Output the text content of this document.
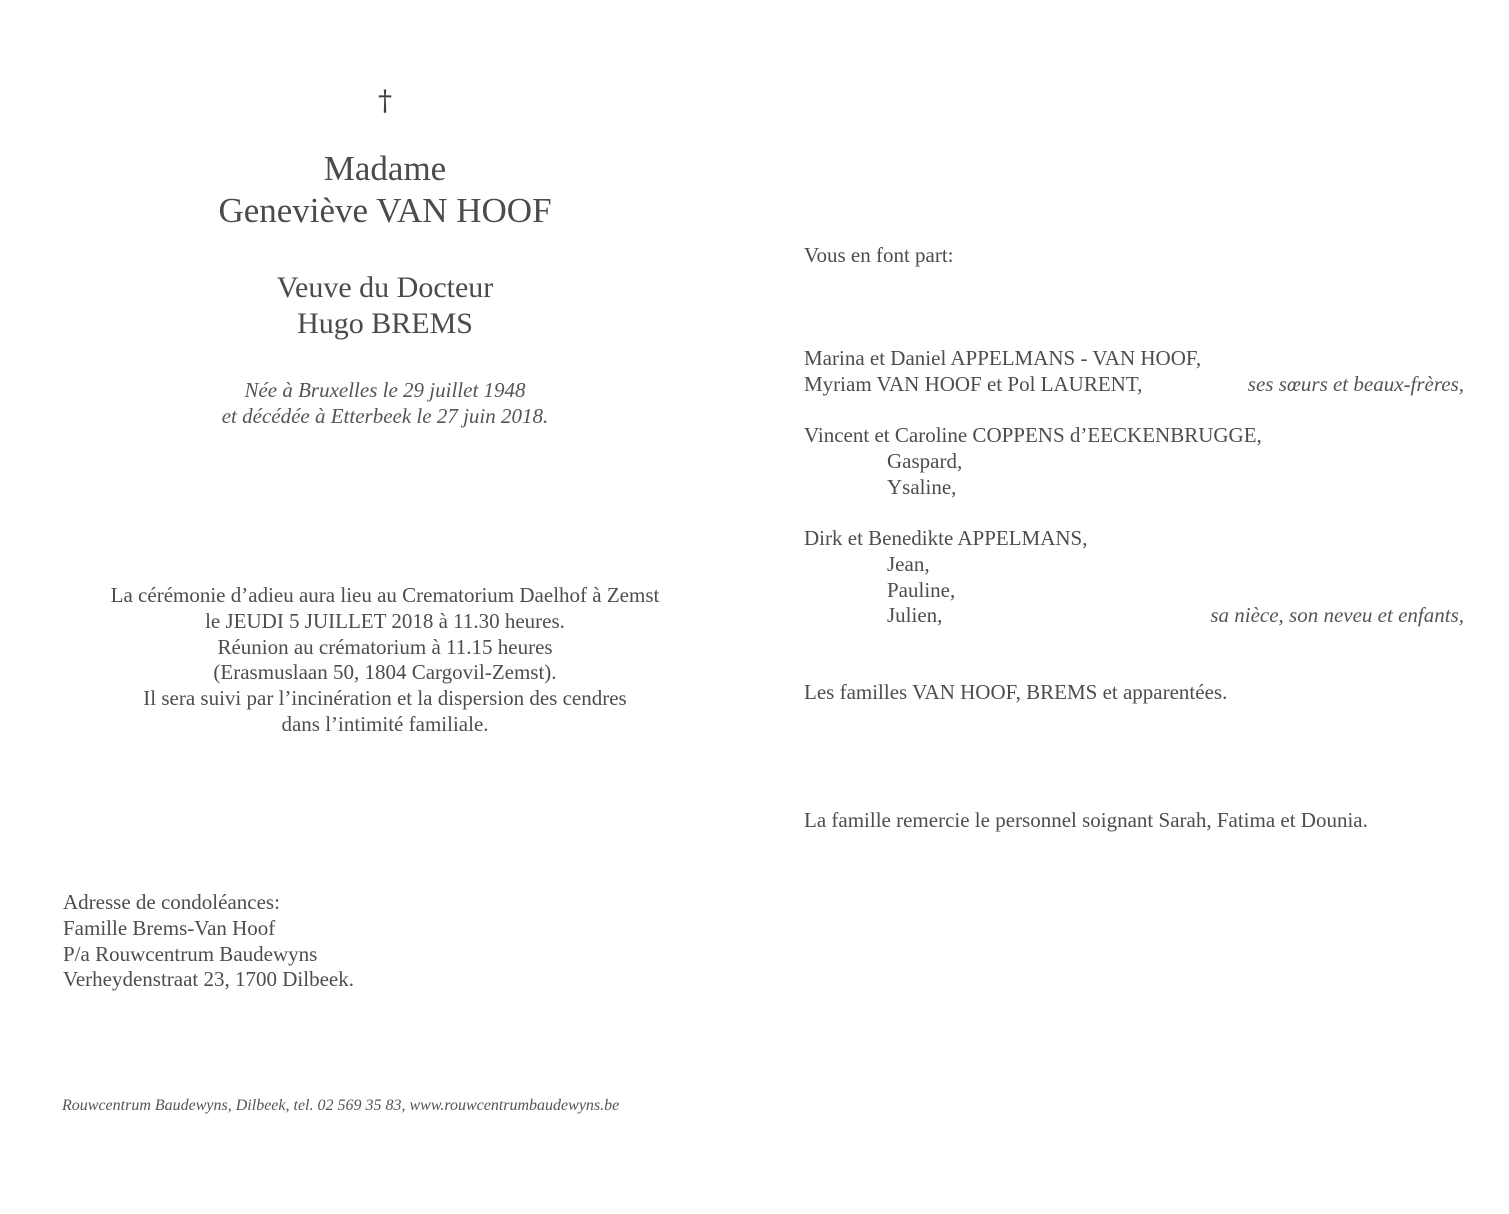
†
Madame
Geneviève VAN HOOF
Veuve du Docteur
Hugo BREMS
Née à Bruxelles le 29 juillet 1948
et décédée à Etterbeek le 27 juin 2018.
La cérémonie d’adieu aura lieu au Crematorium Daelhof à Zemst
le JEUDI 5 JUILLET 2018 à 11.30 heures.
Réunion au crématorium à 11.15 heures
(Erasmuslaan 50, 1804 Cargovil-Zemst).
Il sera suivi par l’incinération et la dispersion des cendres
dans l’intimité familiale.
Adresse de condoléances:
Famille Brems-Van Hoof
P/a Rouwcentrum Baudewyns
Verheydenstraat 23, 1700 Dilbeek.
Rouwcentrum Baudewyns, Dilbeek, tel. 02 569 35 83, www.rouwcentrumbaudewyns.be
Vous en font part:
Marina et Daniel APPELMANS - VAN HOOF,
Myriam VAN HOOF et Pol LAURENT,	ses sœurs et beaux-frères,
Vincent et Caroline COPPENS d’EECKENBRUGGE,
Gaspard,
Ysaline,
Dirk et Benedikte APPELMANS,
Jean,
Pauline,
Julien,	sa nièce, son neveu et enfants,
Les familles VAN HOOF, BREMS et apparentées.
La famille remercie le personnel soignant Sarah, Fatima et Dounia.
